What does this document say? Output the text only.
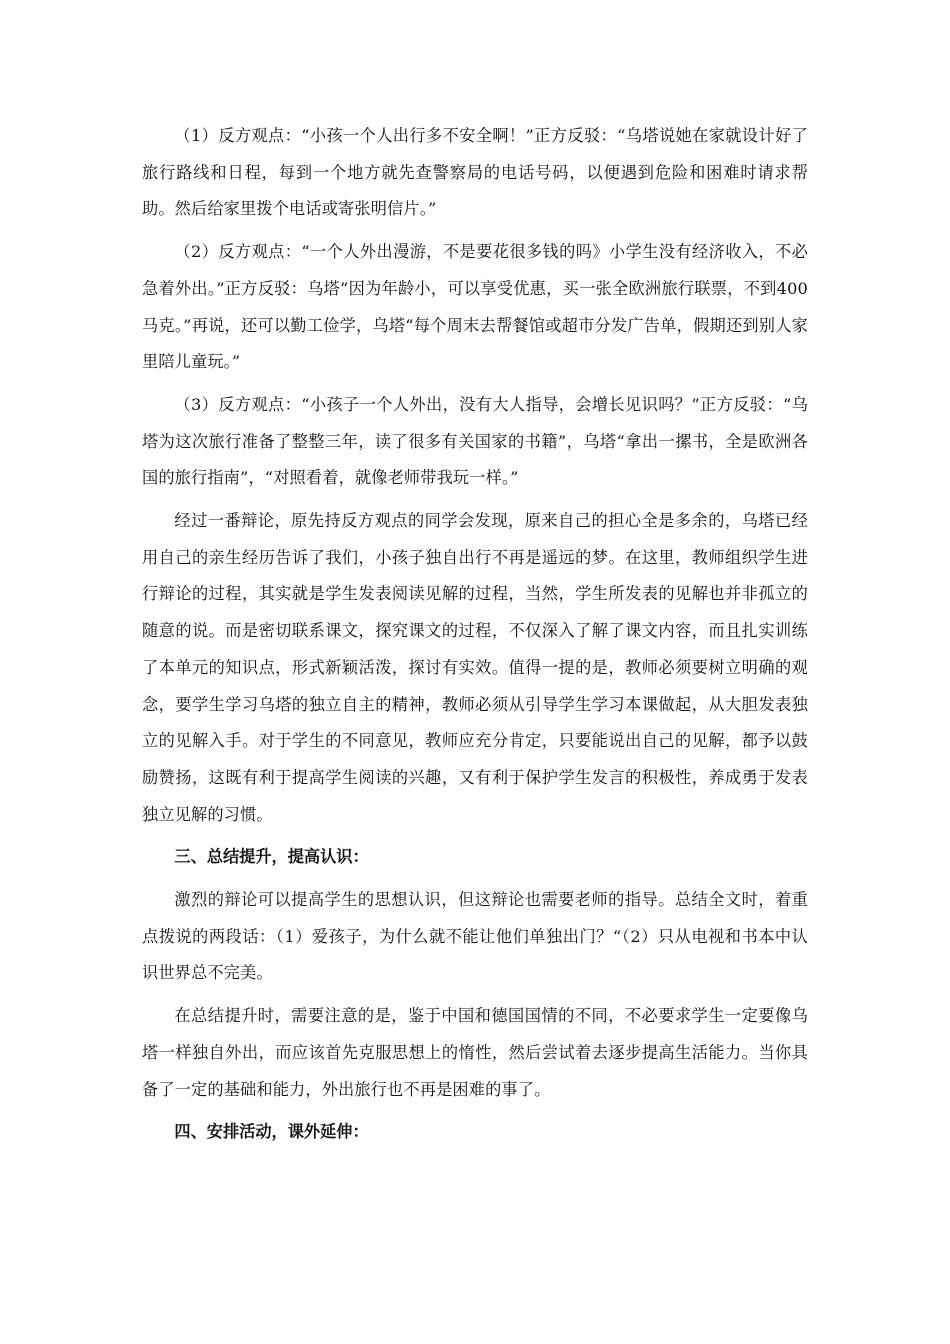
（1）反方观点：“小孩一个人出行多不安全啊！”正方反驳：“乌塔说她在家就设计好了旅行路线和日程，每到一个地方就先查警察局的电话号码，以便遇到危险和困难时请求帮助。然后给家里拨个电话或寄张明信片。”

（2）反方观点：“一个人外出漫游，不是要花很多钱的吗》小学生没有经济收入，不必急着外出。”正方反驳：乌塔“因为年龄小，可以享受优惠，买一张全欧洲旅行联票，不到400马克。”再说，还可以勤工俭学，乌塔“每个周末去帮餐馆或超市分发广告单，假期还到别人家里陪儿童玩。”

（3）反方观点：“小孩子一个人外出，没有大人指导，会增长见识吗？”正方反驳：“乌塔为这次旅行准备了整整三年，读了很多有关国家的书籍”，乌塔“拿出一摞书，全是欧洲各国的旅行指南”，“对照看着，就像老师带我玩一样。”

经过一番辩论，原先持反方观点的同学会发现，原来自己的担心全是多余的，乌塔已经用自己的亲生经历告诉了我们，小孩子独自出行不再是遥远的梦。在这里，教师组织学生进行辩论的过程，其实就是学生发表阅读见解的过程，当然，学生所发表的见解也并非孤立的随意的说。而是密切联系课文，探究课文的过程，不仅深入了解了课文内容，而且扎实训练了本单元的知识点，形式新颖活泼，探讨有实效。值得一提的是，教师必须要树立明确的观念，要学生学习乌塔的独立自主的精神，教师必须从引导学生学习本课做起，从大胆发表独立的见解入手。对于学生的不同意见，教师应充分肯定，只要能说出自己的见解，都予以鼓励赞扬，这既有利于提高学生阅读的兴趣，又有利于保护学生发言的积极性，养成勇于发表独立见解的习惯。

三、总结提升，提高认识：

激烈的辩论可以提高学生的思想认识，但这辩论也需要老师的指导。总结全文时，着重点拨说的两段话：（1）爱孩子，为什么就不能让他们单独出门？“（2）只从电视和书本中认识世界总不完美。

在总结提升时，需要注意的是，鉴于中国和德国国情的不同，不必要求学生一定要像乌塔一样独自外出，而应该首先克服思想上的惰性，然后尝试着去逐步提高生活能力。当你具备了一定的基础和能力，外出旅行也不再是困难的事了。

四、安排活动，课外延伸：
